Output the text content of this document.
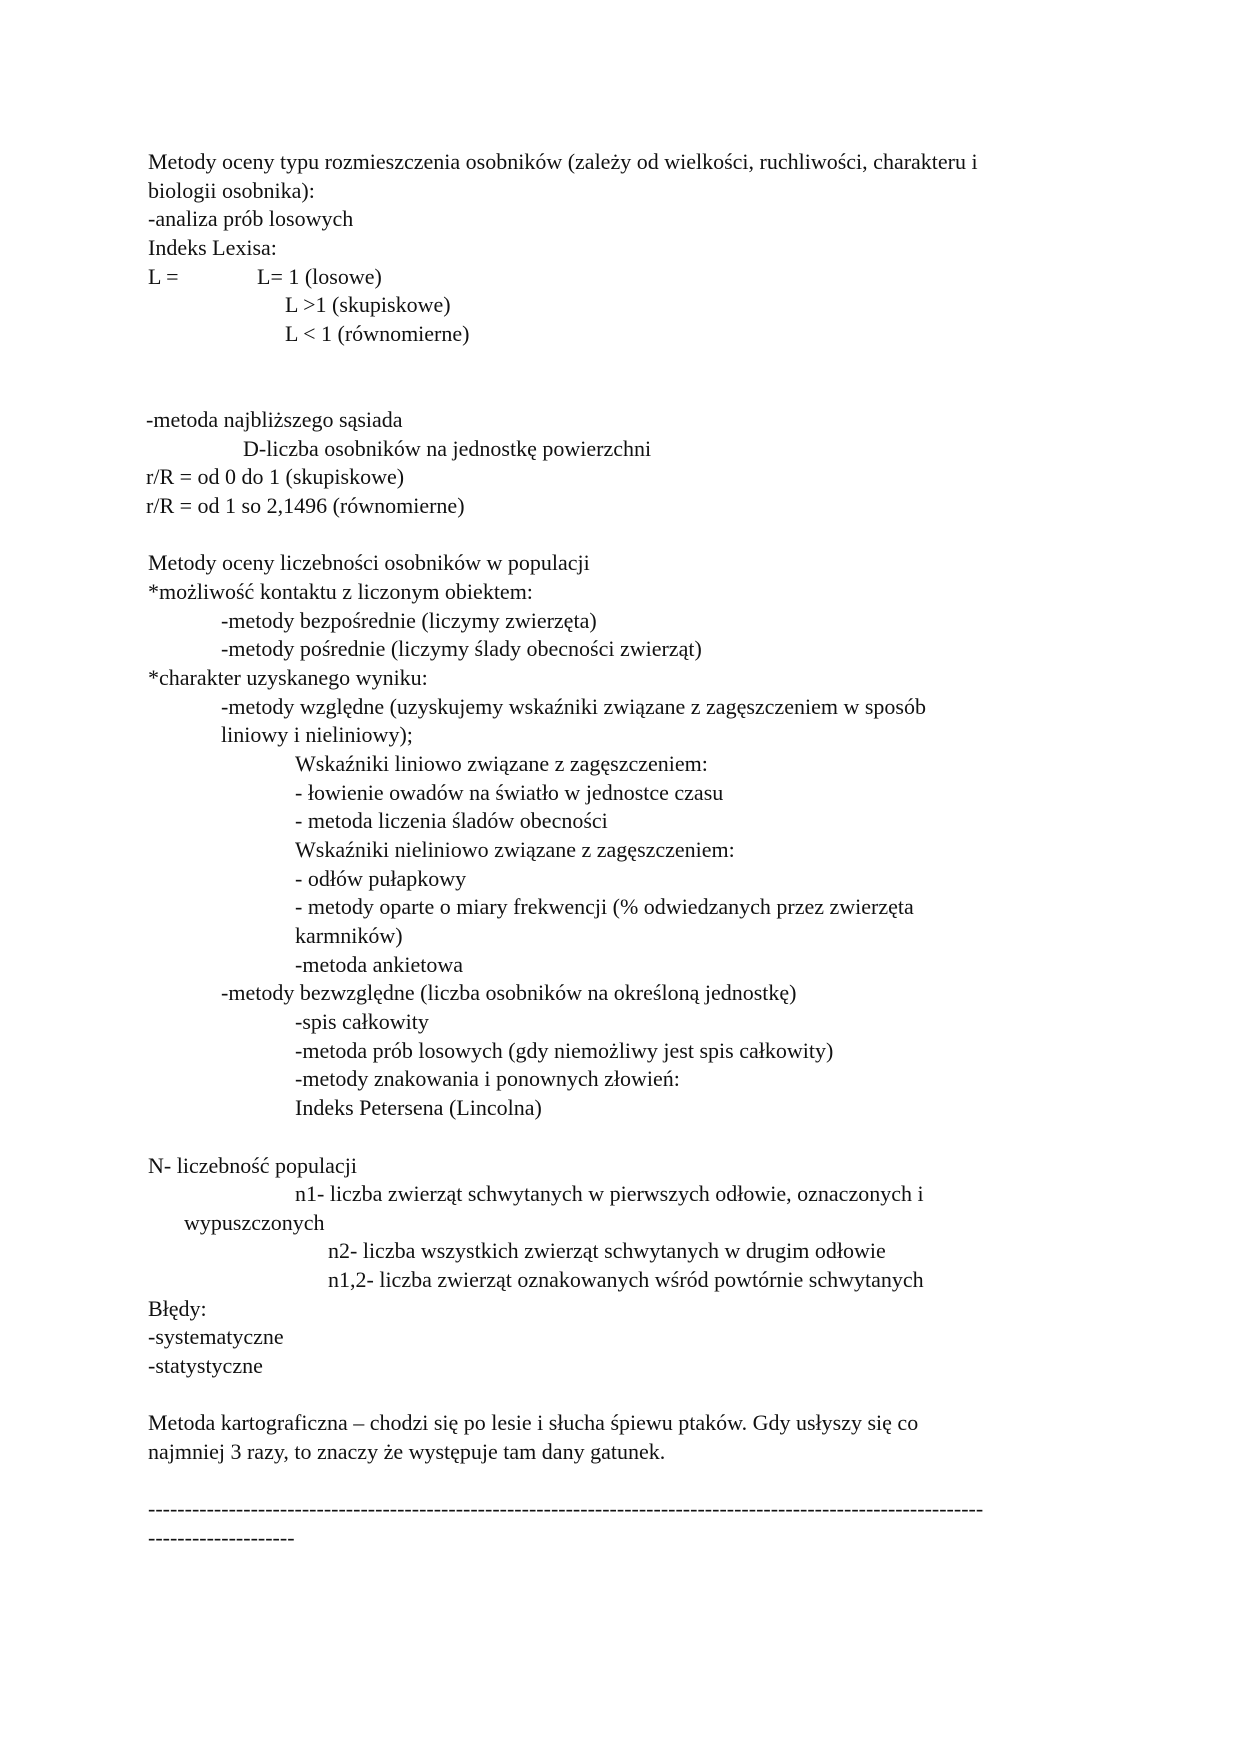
Metody oceny typu rozmieszczenia osobników (zależy od wielkości, ruchliwości, charakteru i

biologii osobnika):

-analiza prób losowych

Indeks Lexisa:

L =	L= 1 (losowe)

L >1 (skupiskowe)

L < 1 (równomierne)

-metoda najbliższego sąsiada

D-liczba osobników na jednostkę powierzchni

r/R = od 0 do 1 (skupiskowe)

r/R = od 1 so 2,1496 (równomierne)

Metody oceny liczebności osobników w populacji

*możliwość kontaktu z liczonym obiektem:

-metody bezpośrednie (liczymy zwierzęta)

-metody pośrednie (liczymy ślady obecności zwierząt)

*charakter uzyskanego wyniku:

-metody względne (uzyskujemy wskaźniki związane z zagęszczeniem w sposób

liniowy i nieliniowy);

Wskaźniki liniowo związane z zagęszczeniem:

- łowienie owadów na światło w jednostce czasu

- metoda liczenia śladów obecności

Wskaźniki nieliniowo związane z zagęszczeniem:

- odłów pułapkowy

- metody oparte o miary frekwencji (% odwiedzanych przez zwierzęta

karmników)

-metoda ankietowa

-metody bezwzględne (liczba osobników na określoną jednostkę)

-spis całkowity

-metoda prób losowych (gdy niemożliwy jest spis całkowity)

-metody znakowania i ponownych złowień:

Indeks Petersena (Lincolna)

N- liczebność populacji

n1- liczba zwierząt schwytanych w pierwszych odłowie, oznaczonych i

wypuszczonych

n2- liczba wszystkich zwierząt schwytanych w drugim odłowie

n1,2- liczba zwierząt oznakowanych wśród powtórnie schwytanych

Błędy:

-systematyczne

-statystyczne

Metoda kartograficzna – chodzi się po lesie i słucha śpiewu ptaków. Gdy usłyszy się co

najmniej 3 razy, to znaczy że występuje tam dany gatunek.

------------------------------------------------------------------------------------------------------------------

--------------------
